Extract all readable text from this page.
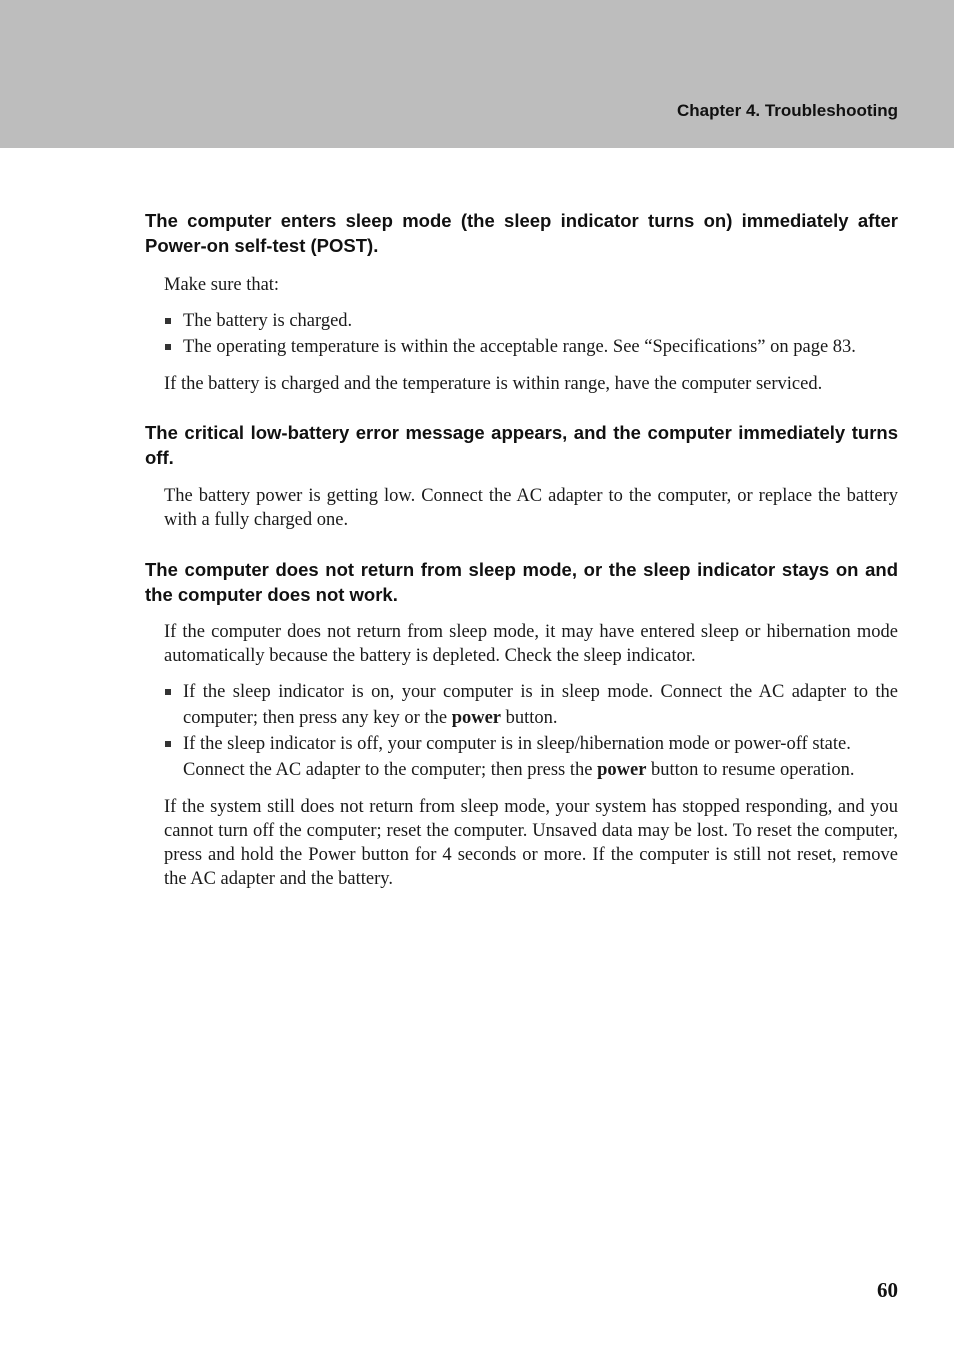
Chapter 4. Troubleshooting
The computer enters sleep mode (the sleep indicator turns on) immediately after Power-on self-test (POST).

Make sure that:

The battery is charged.
The operating temperature is within the acceptable range. See “Specifications” on page 83.

If the battery is charged and the temperature is within range, have the computer serviced.

The critical low-battery error message appears, and the computer immediately turns off.

The battery power is getting low. Connect the AC adapter to the computer, or replace the battery with a fully charged one.

The computer does not return from sleep mode, or the sleep indicator stays on and the computer does not work.

If the computer does not return from sleep mode, it may have entered sleep or hibernation mode automatically because the battery is depleted. Check the sleep indicator.

If the sleep indicator is on, your computer is in sleep mode. Connect the AC adapter to the computer; then press any key or the power button.
If the sleep indicator is off, your computer is in sleep/hibernation mode or power-off state. Connect the AC adapter to the computer; then press the power button to resume operation.

If the system still does not return from sleep mode, your system has stopped responding, and you cannot turn off the computer; reset the computer. Unsaved data may be lost. To reset the computer, press and hold the Power button for 4 seconds or more. If the computer is still not reset, remove the AC adapter and the battery.

60
